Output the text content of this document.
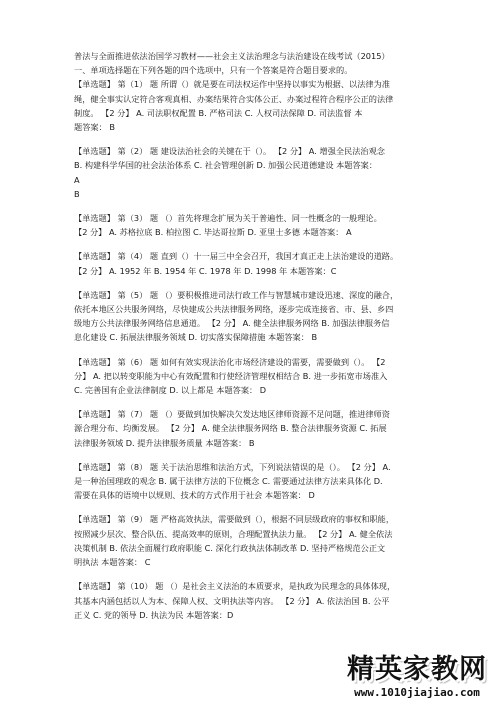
普法与全面推进依法治国学习教材——社会主义法治理念与法治建设在线考试（2015）
一、单项选择题在下列各题的四个选项中，只有一个答案是符合题目要求的。
【单选题】 第（1） 题 所谓（）就是要在司法权运作中坚持以事实为根据、以法律为准
绳，健全事实认定符合客观真相、办案结果符合实体公正、办案过程符合程序公正的法律
制度。 【2 分】 A. 司法职权配置 B. 严格司法 C. 人权司法保障 D. 司法监督 本
题答案： B
【单选题】 第（2） 题 建设法治社会的关键在于（）。 【2 分】 A. 增强全民法治观念
B. 构建科学华国的社会法治体系 C. 社会管理创新 D. 加强公民道德建设 本题答案：
A
B
【单选题】 第（3） 题 （）首先将理念扩展为关于普遍性、同一性概念的一般理论。
【2 分】 A. 苏格拉底 B. 柏拉图 C. 毕达哥拉斯 D. 亚里士多德 本题答案： A
【单选题】 第（4） 题 直到（）十一届三中全会召开，我国才真正走上法治建设的道路。
【2 分】 A. 1952 年 B. 1954 年 C. 1978 年 D. 1998 年 本题答案：C
【单选题】 第（5） 题 （）要积极推进司法行政工作与智慧城市建设迅速、深度的融合，
依托本地区公共服务网络，尽快建成公共法律服务网络，逐步完成连接省、市、县、乡四
级地方公共法律服务网络信息通道。 【2 分】 A. 健全法律服务网络 B. 加强法律服务信
息化建设 C. 拓展法律服务领域 D. 切实落实保障措施 本题答案： B
【单选题】 第（6） 题 如何有效实现法治化市场经济建设的需要，需要做到（）。 【2
分】 A. 把以转变职能为中心有效配置和行使经济管理权相结合 B. 进一步拓宽市场准入
C. 完善国有企业法律制度 D. 以上都是 本题答案： D
【单选题】 第（7） 题 （）要做到加快解决欠发达地区律师资源不足问题，推进律师资
源合理分布、均衡发展。 【2 分】 A. 健全法律服务网络 B. 整合法律服务资源 C. 拓展
法律服务领域 D. 提升法律服务质量 本题答案： B
【单选题】 第（8） 题 关于法治思维和法治方式，下列说法错误的是（）。 【2 分】 A.
是一种治国理政的观念 B. 属于法律方法的下位概念 C. 需要通过法律方法来具体化 D.
需要在具体的语境中以规则、技术的方式作用于社会 本题答案： D
【单选题】 第（9） 题 严格高效执法，需要做到（），根据不同层级政府的事权和职能，
按照减少层次、整合队伍、提高效率的原则，合理配置执法力量。 【2 分】 A. 健全依法
决策机制 B. 依法全面履行政府职能 C. 深化行政执法体制改革 D. 坚持严格规范公正文
明执法 本题答案： C
【单选题】 第（10） 题 （）是社会主义法治的本质要求，是执政为民理念的具体体现，
其基本内涵包括以人为本、保障人权、文明执法等内容。 【2 分】 A. 依法治国 B. 公平
正义 C. 党的领导 D. 执法为民 本题答案：D
精英家教网
www.1010jiajiao.com
